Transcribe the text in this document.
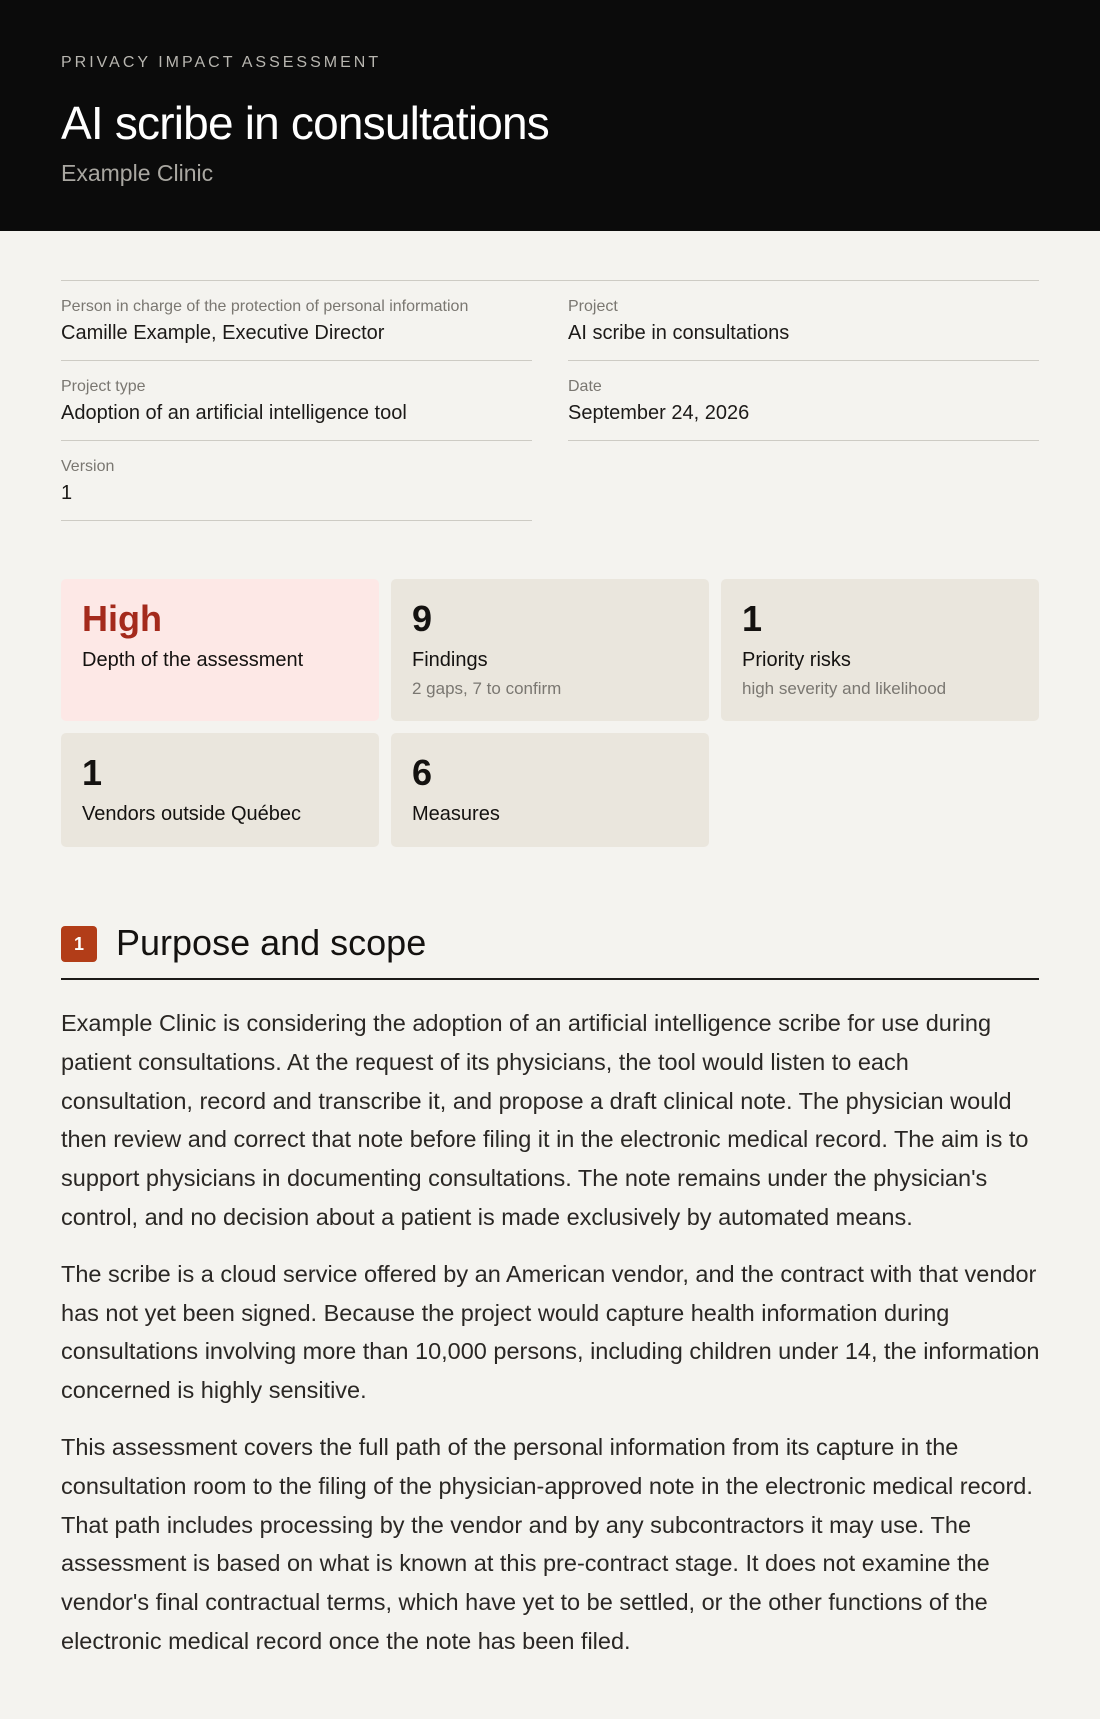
PRIVACY IMPACT ASSESSMENT
AI scribe in consultations
Example Clinic
Person in charge of the protection of personal information
Camille Example, Executive Director
Project
AI scribe in consultations
Project type
Adoption of an artificial intelligence tool
Date
September 24, 2026
Version
1
High
Depth of the assessment
9
Findings
2 gaps, 7 to confirm
1
Priority risks
high severity and likelihood
1
Vendors outside Québec
6
Measures
1 Purpose and scope

Example Clinic is considering the adoption of an artificial intelligence scribe for use during patient consultations. At the request of its physicians, the tool would listen to each consultation, record and transcribe it, and propose a draft clinical note. The physician would then review and correct that note before filing it in the electronic medical record. The aim is to support physicians in documenting consultations. The note remains under the physician's control, and no decision about a patient is made exclusively by automated means.

The scribe is a cloud service offered by an American vendor, and the contract with that vendor has not yet been signed. Because the project would capture health information during consultations involving more than 10,000 persons, including children under 14, the information concerned is highly sensitive.

This assessment covers the full path of the personal information from its capture in the consultation room to the filing of the physician-approved note in the electronic medical record. That path includes processing by the vendor and by any subcontractors it may use. The assessment is based on what is known at this pre-contract stage. It does not examine the vendor's final contractual terms, which have yet to be settled, or the other functions of the electronic medical record once the note has been filed.
